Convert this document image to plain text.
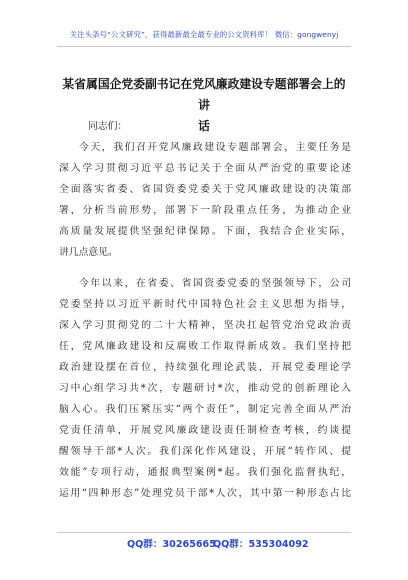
关注头条号“公文研究”，获得最新最全最专业的公文资料库！ 微信：gongwenyj
某省属国企党委副书记在党风廉政建设专题部署会上的讲
话
同志们：
今天，我们召开党风廉政建设专题部署会，主要任务是
深入学习贯彻习近平总书记关于全面从严治党的重要论述
全面落实省委、省国资委党委关于党风廉政建设的决策部
署，分析当前形势，部署下一阶段重点任务，为推动企业
高质量发展提供坚强纪律保障。下面，我结合企业实际，
讲几点意见。
今年以来，在省委、省国资委党委的坚强领导下，公司
党委坚持以习近平新时代中国特色社会主义思想为指导，
深入学习贯彻党的二十大精神，坚决扛起管党治党政治责
任，党风廉政建设和反腐败工作取得新成效。我们坚持把
政治建设摆在首位，持续强化理论武装，开展党委理论学
习中心组学习共*次，专题研讨*次，推动党的创新理论入
脑入心。我们压紧压实“两个责任”，制定完善全面从严治
党责任清单，开展党风廉政建设责任制检查考核，约谈提
醒领导干部*人次。我们深化作风建设，开展“转作风、提
效能”专项行动，通报典型案例*起。我们强化监督执纪，
运用“四种形态”处理党员干部*人次，其中第一种形态占比
QQ群：30265665
QQ群：535304092
